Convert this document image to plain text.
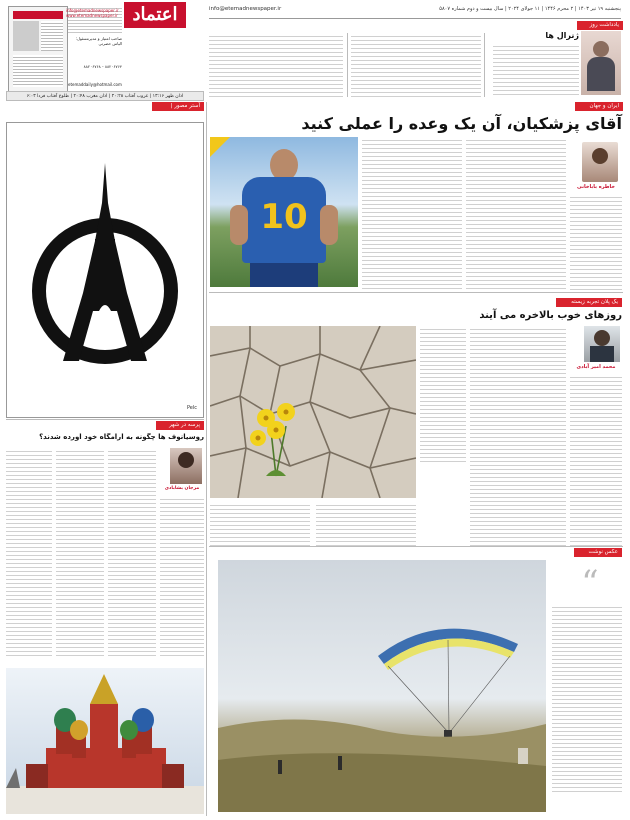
etemaddaily@hotmail.com
صاحب امتیاز و مدیرمسئول: الیاس حضرتی
۸۸۲۰۶۷۶۴ - ۸۸۲۰۶۷۶۸
اعتماد
info@etemadnewspaper.ir
www.etemadnewspaper.ir
اذان ظهر ۱۳:۱۶ | غروب آفتاب ۲۰:۲۸ | اذان مغرب ۲۰:۴۸ | طلوع آفتاب فردا ۶:۰۳
info@etemadnewspaper.ir	پنجشنبه ۱۹ تیر ۱۴۰۳ | ۲ محرم ۱۴۴۶ | ۱۱ جولای ۲۰۲۴ | سال بیست و دوم شماره ۵۸۰۷
یادداشت روز
ژنرال ها
ایران و جهان
آقای پزشکیان، آن یک وعده را عملی کنید
10
خاطره باباخانی
آستر مصور | فرانسه
Pelc
یک پلان تجربه زیسته
روزهای خوب بالاخره می آیند
محمد امیر آبادی
پرسه در شهر
روسیانوف ها چگونه به آرامگاه خود آورده شدند؟
مرجان بشابادی
عکس نوشت
“
